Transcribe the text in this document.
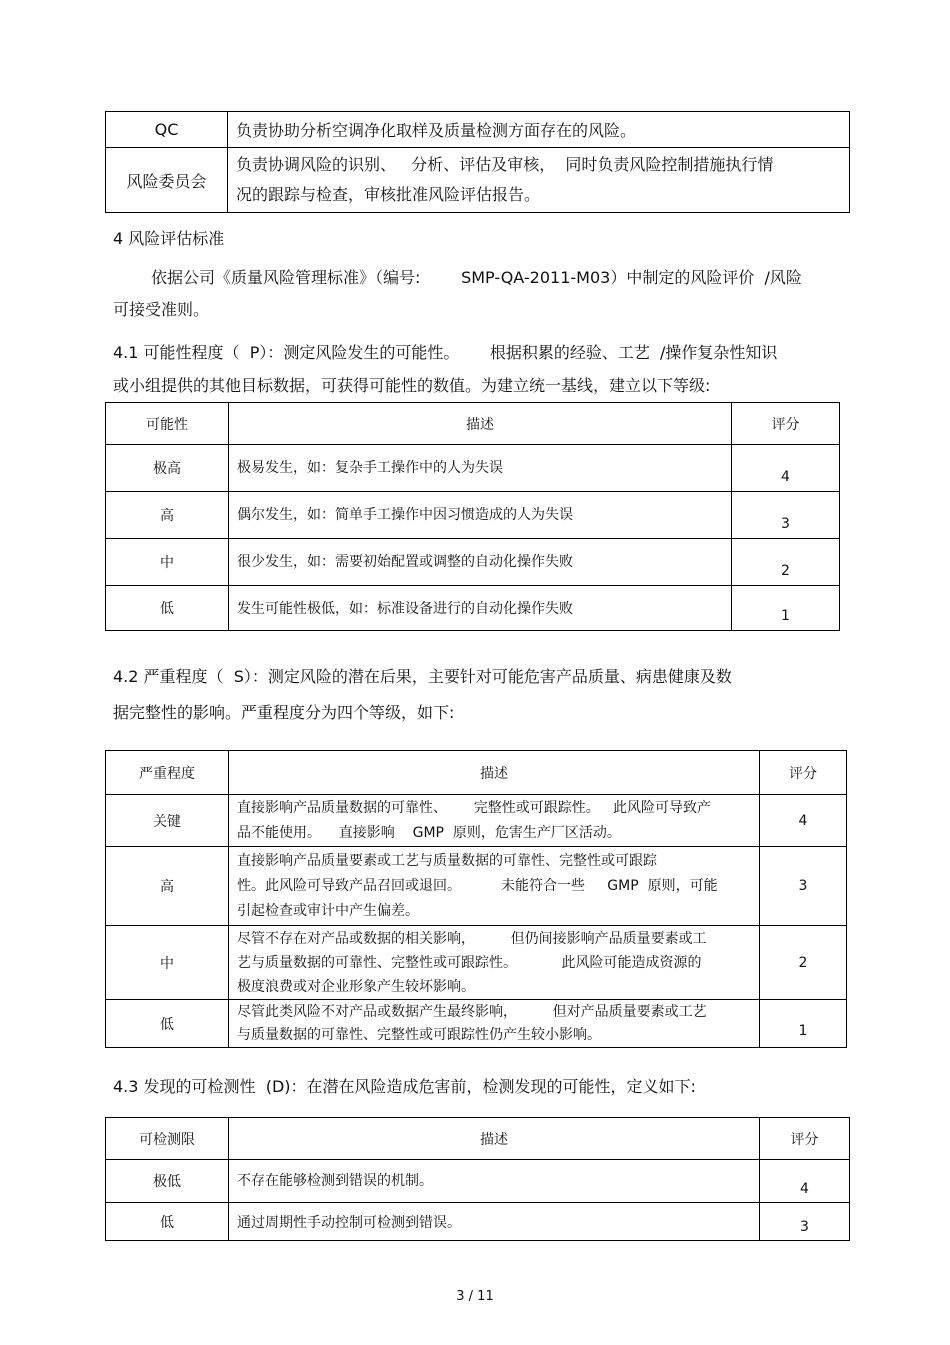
QC	负责协助分析空调净化取样及质量检测方面存在的风险。
风险委员会	负责协调风险的识别、   分析、评估及审核，  同时负责风险控制措施执行情
况的跟踪与检查，审核批准风险评估报告。
4 风险评估标准
依据公司《质量风险管理标准》（编号:        SMP-QA-2011-M03）中制定的风险评价  /风险
可接受准则。
4.1 可能性程度（  P）：测定风险发生的可能性。      根据积累的经验、工艺  /操作复杂性知识
或小组提供的其他目标数据，可获得可能性的数值。为建立统一基线，建立以下等级:
可能性	描述	评分
极高	极易发生，如：复杂手工操作中的人为失误	4
高	偶尔发生，如：简单手工操作中因习惯造成的人为失误	3
中	很少发生，如：需要初始配置或调整的自动化操作失败	2
低	发生可能性极低，如：标准设备进行的自动化操作失败	1
4.2 严重程度（  S）：测定风险的潜在后果，主要针对可能危害产品质量、病患健康及数
据完整性的影响。严重程度分为四个等级，如下:
严重程度	描述	评分
关键	直接影响产品质量数据的可靠性、      完整性或可跟踪性。   此风险可导致产
品不能使用。    直接影响    GMP  原则，危害生产厂区活动。	4
高	直接影响产品质量要素或工艺与质量数据的可靠性、完整性或可跟踪
性。此风险可导致产品召回或退回。         未能符合一些     GMP  原则，可能
引起检查或审计中产生偏差。	3
中	尽管不存在对产品或数据的相关影响，        但仍间接影响产品质量要素或工
艺与质量数据的可靠性、完整性或可跟踪性。          此风险可能造成资源的
极度浪费或对企业形象产生较坏影响。	2
低	尽管此类风险不对产品或数据产生最终影响，        但对产品质量要素或工艺
与质量数据的可靠性、完整性或可跟踪性仍产生较小影响。	1
4.3 发现的可检测性  (D)：在潜在风险造成危害前，检测发现的可能性，定义如下:
可检测限	描述	评分
极低	不存在能够检测到错误的机制。	4
低	通过周期性手动控制可检测到错误。	3
3 / 11
